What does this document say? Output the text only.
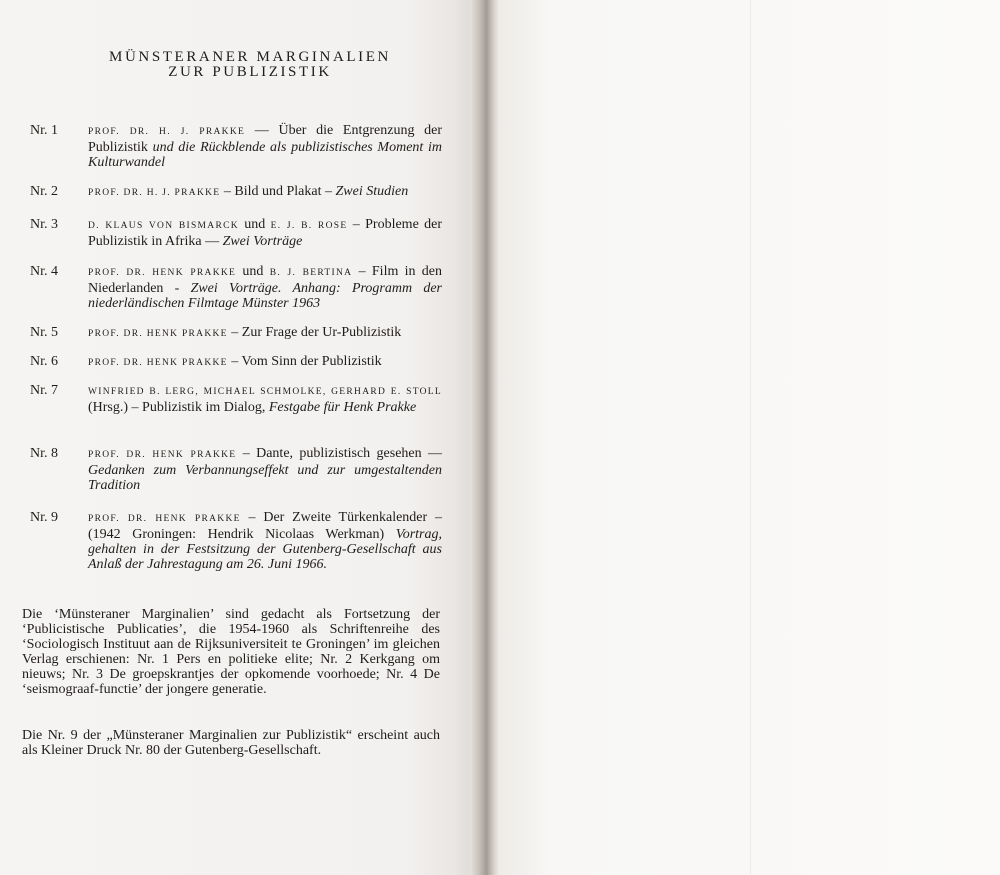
MÜNSTERANER MARGINALIEN
ZUR PUBLIZISTIK
Nr. 1	PROF. DR. H. J. PRAKKE — Über die Entgrenzung der Publizistik und die Rückblende als publizistisches Moment im Kulturwandel
Nr. 2	PROF. DR. H. J. PRAKKE – Bild und Plakat – Zwei Studien
Nr. 3	D. KLAUS VON BISMARCK und E. J. B. ROSE – Probleme der Publizistik in Afrika — Zwei Vorträge
Nr. 4	PROF. DR. HENK PRAKKE und B. J. BERTINA – Film in den Niederlanden - Zwei Vorträge. Anhang: Programm der niederländischen Filmtage Münster 1963
Nr. 5	PROF. DR. HENK PRAKKE – Zur Frage der Ur-Publizistik
Nr. 6	PROF. DR. HENK PRAKKE – Vom Sinn der Publizistik
Nr. 7	WINFRIED B. LERG, MICHAEL SCHMOLKE, GERHARD E. STOLL (Hrsg.) – Publizistik im Dialog, Festgabe für Henk Prakke
Nr. 8	PROF. DR. HENK PRAKKE – Dante, publizistisch gesehen — Gedanken zum Verbannungseffekt und zur umgestaltenden Tradition
Nr. 9	PROF. DR. HENK PRAKKE – Der Zweite Türkenkalender – (1942 Groningen: Hendrik Nicolaas Werkman) Vortrag, gehalten in der Festsitzung der Gutenberg-Gesellschaft aus Anlaß der Jahrestagung am 26. Juni 1966.
Die ‘Münsteraner Marginalien’ sind gedacht als Fortsetzung der ‘Publicistische Publicaties’, die 1954-1960 als Schriftenreihe des ‘Sociologisch Instituut aan de Rijksuniversiteit te Groningen’ im gleichen Verlag erschienen: Nr. 1 Pers en politieke elite; Nr. 2 Kerkgang om nieuws; Nr. 3 De groepskrantjes der opkomende voorhoede; Nr. 4 De ‘seismograaf-functie’ der jongere generatie.
Die Nr. 9 der „Münsteraner Marginalien zur Publizistik“ erscheint auch als Kleiner Druck Nr. 80 der Gutenberg-Gesellschaft.
